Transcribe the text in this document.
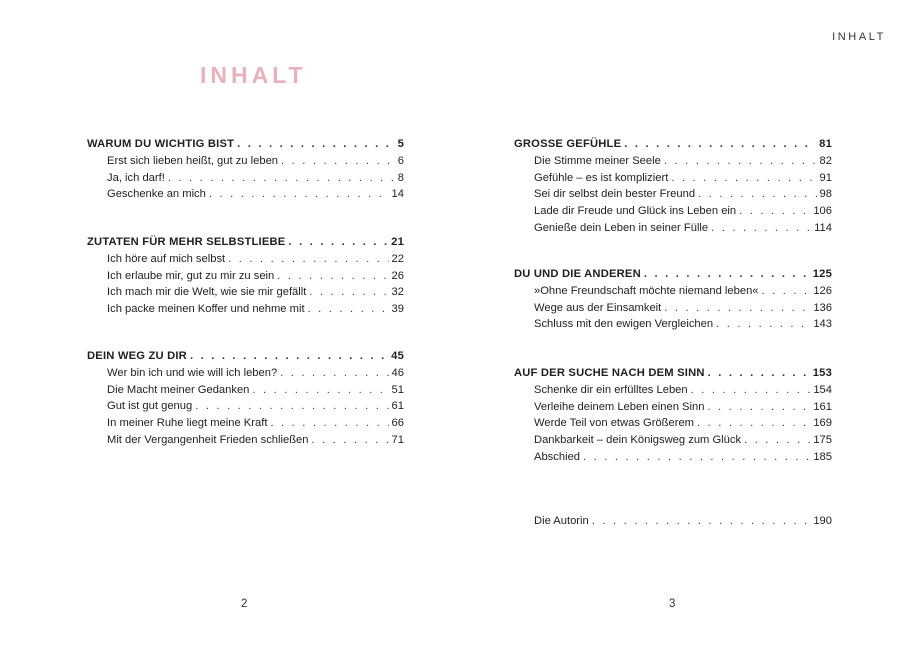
INHALT
INHALT
WARUM DU WICHTIG BIST . . .	5
Erst sich lieben heißt, gut zu leben . . .	6
Ja, ich darf! . . .	8
Geschenke an mich . . .	14
ZUTATEN FÜR MEHR SELBSTLIEBE . . .	21
Ich höre auf mich selbst . . .	22
Ich erlaube mir, gut zu mir zu sein . . .	26
Ich mach mir die Welt, wie sie mir gefällt . . .	32
Ich packe meinen Koffer und nehme mit . . .	39
DEIN WEG ZU DIR . . .	45
Wer bin ich und wie will ich leben? . . .	46
Die Macht meiner Gedanken . . .	51
Gut ist gut genug . . .	61
In meiner Ruhe liegt meine Kraft . . .	66
Mit der Vergangenheit Frieden schließen . . .	71
GROSSE GEFÜHLE . . .	81
Die Stimme meiner Seele . . .	82
Gefühle – es ist kompliziert . . .	91
Sei dir selbst dein bester Freund . . .	98
Lade dir Freude und Glück ins Leben ein . . .	106
Genieße dein Leben in seiner Fülle . . .	114
DU UND DIE ANDEREN . . .	125
»Ohne Freundschaft möchte niemand leben« . . .	126
Wege aus der Einsamkeit . . .	136
Schluss mit den ewigen Vergleichen . . .	143
AUF DER SUCHE NACH DEM SINN . . .	153
Schenke dir ein erfülltes Leben . . .	154
Verleihe deinem Leben einen Sinn . . .	161
Werde Teil von etwas Größerem . . .	169
Dankbarkeit – dein Königsweg zum Glück . . .	175
Abschied . . .	185
Die Autorin . . .	190
2	3
